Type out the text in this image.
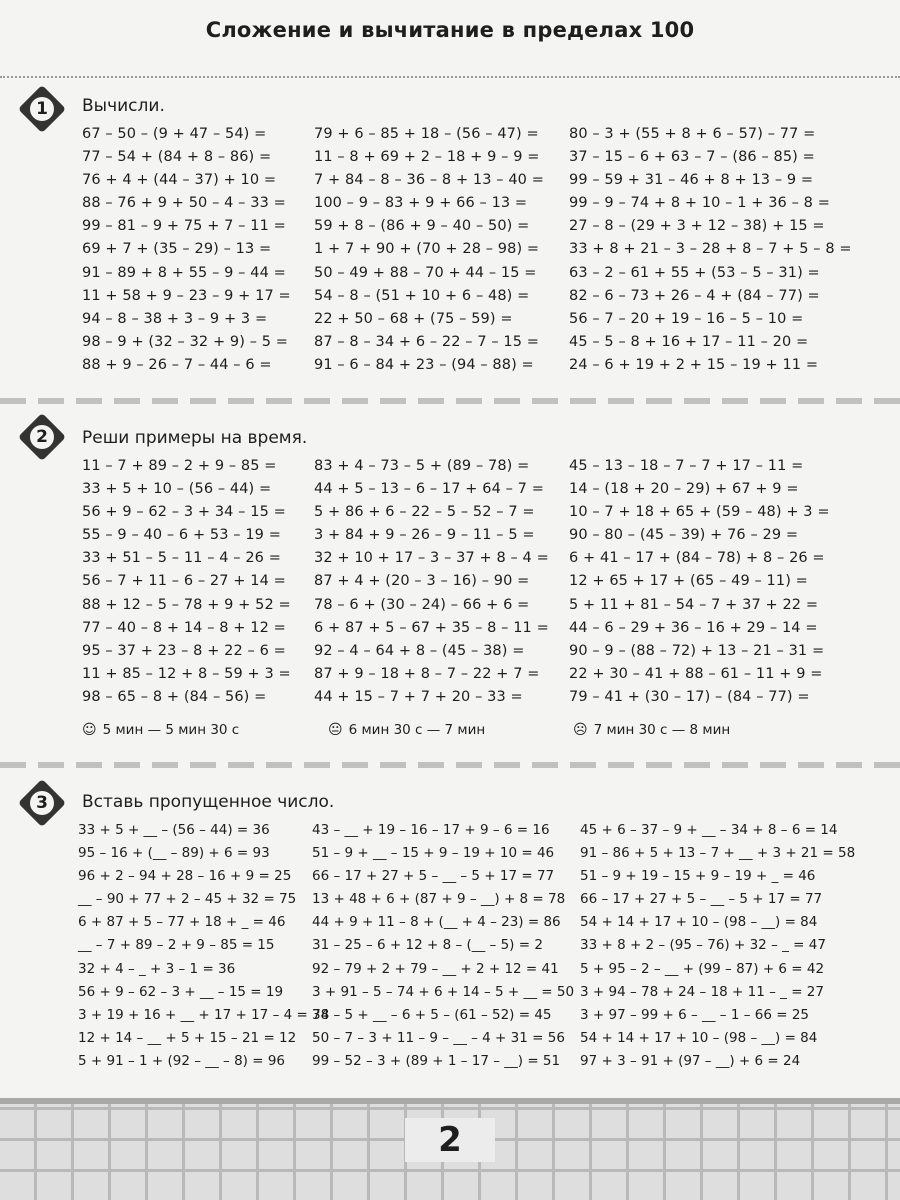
Сложение и вычитание в пределах 100
1	Вычисли.
67 – 50 – (9 + 47 – 54) =
77 – 54 + (84 + 8 – 86) =
76 + 4 + (44 – 37) + 10 =
88 – 76 + 9 + 50 – 4 – 33 =
99 – 81 – 9 + 75 + 7 – 11 =
69 + 7 + (35 – 29) – 13 =
91 – 89 + 8 + 55 – 9 – 44 =
11 + 58 + 9 – 23 – 9 + 17 =
94 – 8 – 38 + 3 – 9 + 3 =
98 – 9 + (32 – 32 + 9) – 5 =
88 + 9 – 26 – 7 – 44 – 6 =
79 + 6 – 85 + 18 – (56 – 47) =
11 – 8 + 69 + 2 – 18 + 9 – 9 =
7 + 84 – 8 – 36 – 8 + 13 – 40 =
100 – 9 – 83 + 9 + 66 – 13 =
59 + 8 – (86 + 9 – 40 – 50) =
1 + 7 + 90 + (70 + 28 – 98) =
50 – 49 + 88 – 70 + 44 – 15 =
54 – 8 – (51 + 10 + 6 – 48) =
22 + 50 – 68 + (75 – 59) =
87 – 8 – 34 + 6 – 22 – 7 – 15 =
91 – 6 – 84 + 23 – (94 – 88) =
80 – 3 + (55 + 8 + 6 – 57) – 77 =
37 – 15 – 6 + 63 – 7 – (86 – 85) =
99 – 59 + 31 – 46 + 8 + 13 – 9 =
99 – 9 – 74 + 8 + 10 – 1 + 36 – 8 =
27 – 8 – (29 + 3 + 12 – 38) + 15 =
33 + 8 + 21 – 3 – 28 + 8 – 7 + 5 – 8 =
63 – 2 – 61 + 55 + (53 – 5 – 31) =
82 – 6 – 73 + 26 – 4 + (84 – 77) =
56 – 7 – 20 + 19 – 16 – 5 – 10 =
45 – 5 – 8 + 16 + 17 – 11 – 20 =
24 – 6 + 19 + 2 + 15 – 19 + 11 =
2	Реши примеры на время.
11 – 7 + 89 – 2 + 9 – 85 =
33 + 5 + 10 – (56 – 44) =
56 + 9 – 62 – 3 + 34 – 15 =
55 – 9 – 40 – 6 + 53 – 19 =
33 + 51 – 5 – 11 – 4 – 26 =
56 – 7 + 11 – 6 – 27 + 14 =
88 + 12 – 5 – 78 + 9 + 52 =
77 – 40 – 8 + 14 – 8 + 12 =
95 – 37 + 23 – 8 + 22 – 6 =
11 + 85 – 12 + 8 – 59 + 3 =
98 – 65 – 8 + (84 – 56) =
83 + 4 – 73 – 5 + (89 – 78) =
44 + 5 – 13 – 6 – 17 + 64 – 7 =
5 + 86 + 6 – 22 – 5 – 52 – 7 =
3 + 84 + 9 – 26 – 9 – 11 – 5 =
32 + 10 + 17 – 3 – 37 + 8 – 4 =
87 + 4 + (20 – 3 – 16) – 90 =
78 – 6 + (30 – 24) – 66 + 6 =
6 + 87 + 5 – 67 + 35 – 8 – 11 =
92 – 4 – 64 + 8 – (45 – 38) =
87 + 9 – 18 + 8 – 7 – 22 + 7 =
44 + 15 – 7 + 7 + 20 – 33 =
45 – 13 – 18 – 7 – 7 + 17 – 11 =
14 – (18 + 20 – 29) + 67 + 9 =
10 – 7 + 18 + 65 + (59 – 48) + 3 =
90 – 80 – (45 – 39) + 76 – 29 =
6 + 41 – 17 + (84 – 78) + 8 – 26 =
12 + 65 + 17 + (65 – 49 – 11) =
5 + 11 + 81 – 54 – 7 + 37 + 22 =
44 – 6 – 29 + 36 – 16 + 29 – 14 =
90 – 9 – (88 – 72) + 13 – 21 – 31 =
22 + 30 – 41 + 88 – 61 – 11 + 9 =
79 – 41 + (30 – 17) – (84 – 77) =
☺ 5 мин — 5 мин 30 с	😐 6 мин 30 с — 7 мин	☹ 7 мин 30 с — 8 мин
3	Вставь пропущенное число.
33 + 5 + __ – (56 – 44) = 36
95 – 16 + (__ – 89) + 6 = 93
96 + 2 – 94 + 28 – 16 + 9 = 25
__ – 90 + 77 + 2 – 45 + 32 = 75
6 + 87 + 5 – 77 + 18 + _ = 46
__ – 7 + 89 – 2 + 9 – 85 = 15
32 + 4 – _ + 3 – 1 = 36
56 + 9 – 62 – 3 + __ – 15 = 19
3 + 19 + 16 + __ + 17 + 17 – 4 = 78
12 + 14 – __ + 5 + 15 – 21 = 12
5 + 91 – 1 + (92 – __ – 8) = 96
43 – __ + 19 – 16 – 17 + 9 – 6 = 16
51 – 9 + __ – 15 + 9 – 19 + 10 = 46
66 – 17 + 27 + 5 – __ – 5 + 17 = 77
13 + 48 + 6 + (87 + 9 – __) + 8 = 78
44 + 9 + 11 – 8 + (__ + 4 – 23) = 86
31 – 25 – 6 + 12 + 8 – (__ – 5) = 2
92 – 79 + 2 + 79 – __ + 2 + 12 = 41
3 + 91 – 5 – 74 + 6 + 14 – 5 + __ = 50
34 – 5 + __ – 6 + 5 – (61 – 52) = 45
50 – 7 – 3 + 11 – 9 – __ – 4 + 31 = 56
99 – 52 – 3 + (89 + 1 – 17 – __) = 51
45 + 6 – 37 – 9 + __ – 34 + 8 – 6 = 14
91 – 86 + 5 + 13 – 7 + __ + 3 + 21 = 58
51 – 9 + 19 – 15 + 9 – 19 + _ = 46
66 – 17 + 27 + 5 – __ – 5 + 17 = 77
54 + 14 + 17 + 10 – (98 – __) = 84
33 + 8 + 2 – (95 – 76) + 32 – _ = 47
5 + 95 – 2 – __ + (99 – 87) + 6 = 42
3 + 94 – 78 + 24 – 18 + 11 – _ = 27
3 + 97 – 99 + 6 – __ – 1 – 66 = 25
54 + 14 + 17 + 10 – (98 – __) = 84
97 + 3 – 91 + (97 – __) + 6 = 24
2
